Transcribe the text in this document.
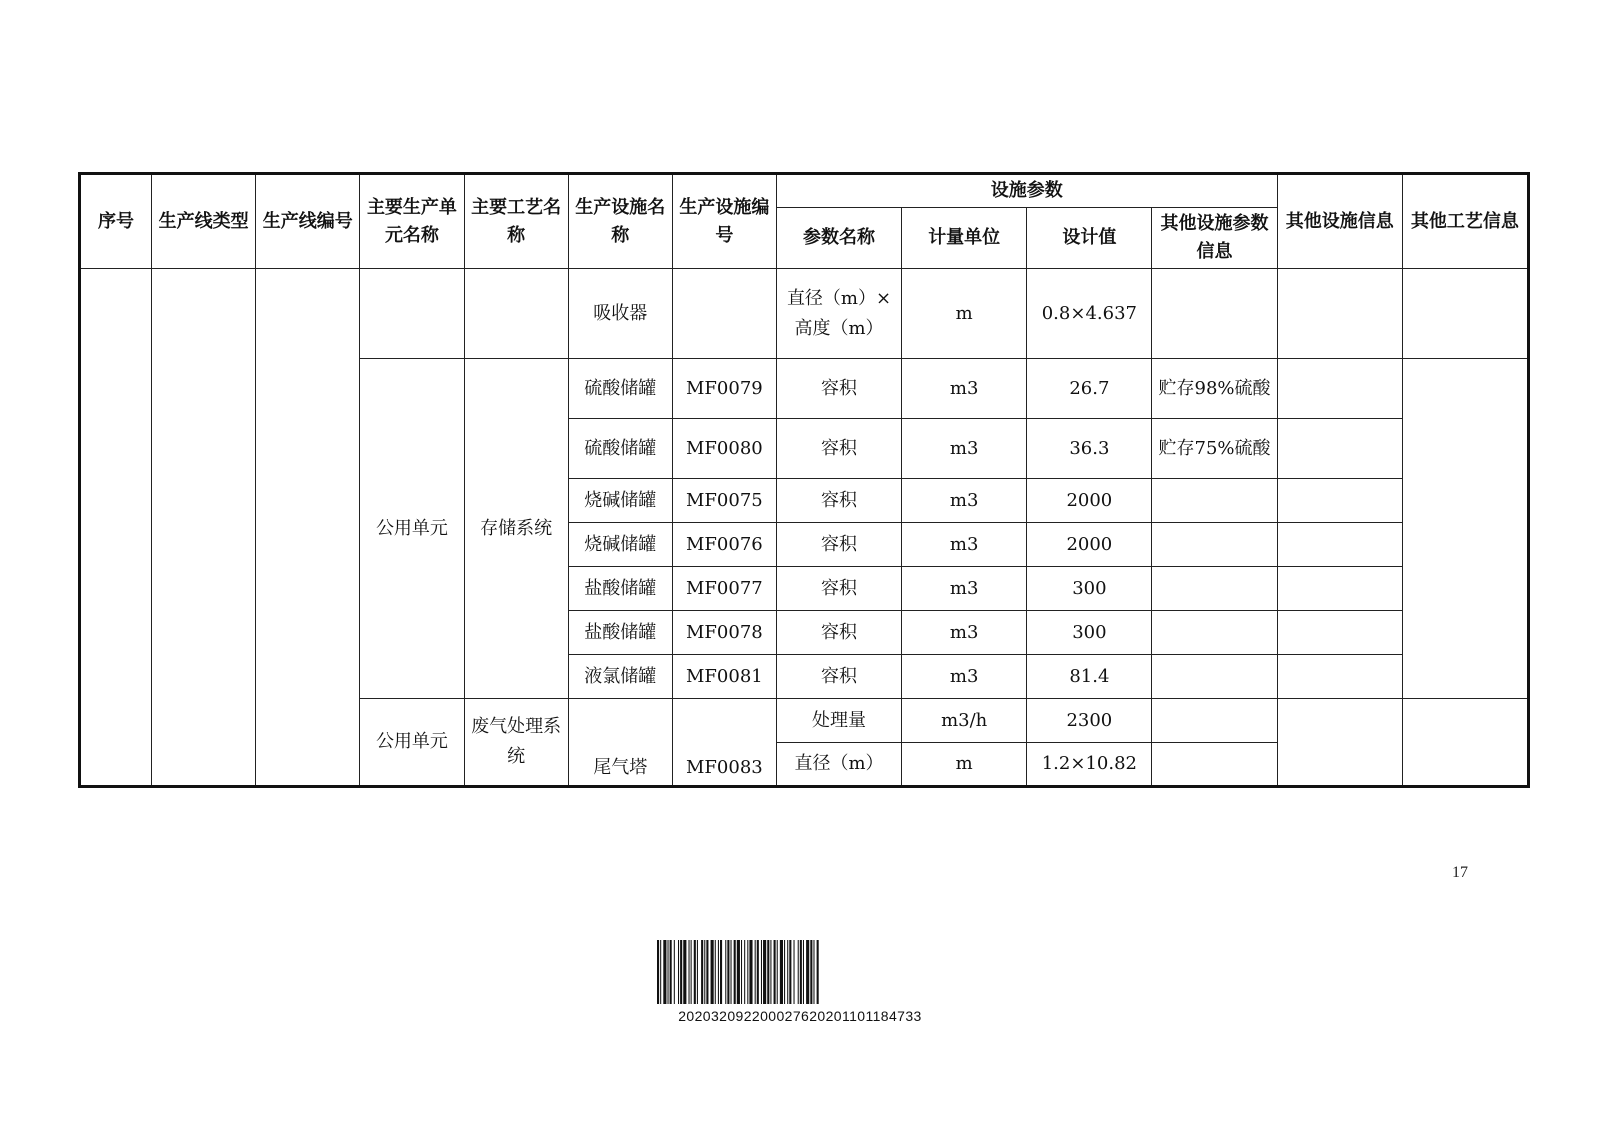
序号	生产线类型	生产线编号	主要生产单元名称	主要工艺名称	生产设施名称	生产设施编号	设施参数				其他设施信息	其他工艺信息
							参数名称	计量单位	设计值	其他设施参数信息		
					吸收器		直径（m）×高度（m）	m	0.8×4.637			
			公用单元	存储系统	硫酸储罐	MF0079	容积	m3	26.7	贮存98%硫酸		
					硫酸储罐	MF0080	容积	m3	36.3	贮存75%硫酸		
					烧碱储罐	MF0075	容积	m3	2000			
					烧碱储罐	MF0076	容积	m3	2000			
					盐酸储罐	MF0077	容积	m3	300			
					盐酸储罐	MF0078	容积	m3	300			
					液氯储罐	MF0081	容积	m3	81.4			
			公用单元	废气处理系统	尾气塔	MF0083	处理量	m3/h	2300			
							直径（m）	m	1.2×10.82			
17
20203209220002762020110118473​3
